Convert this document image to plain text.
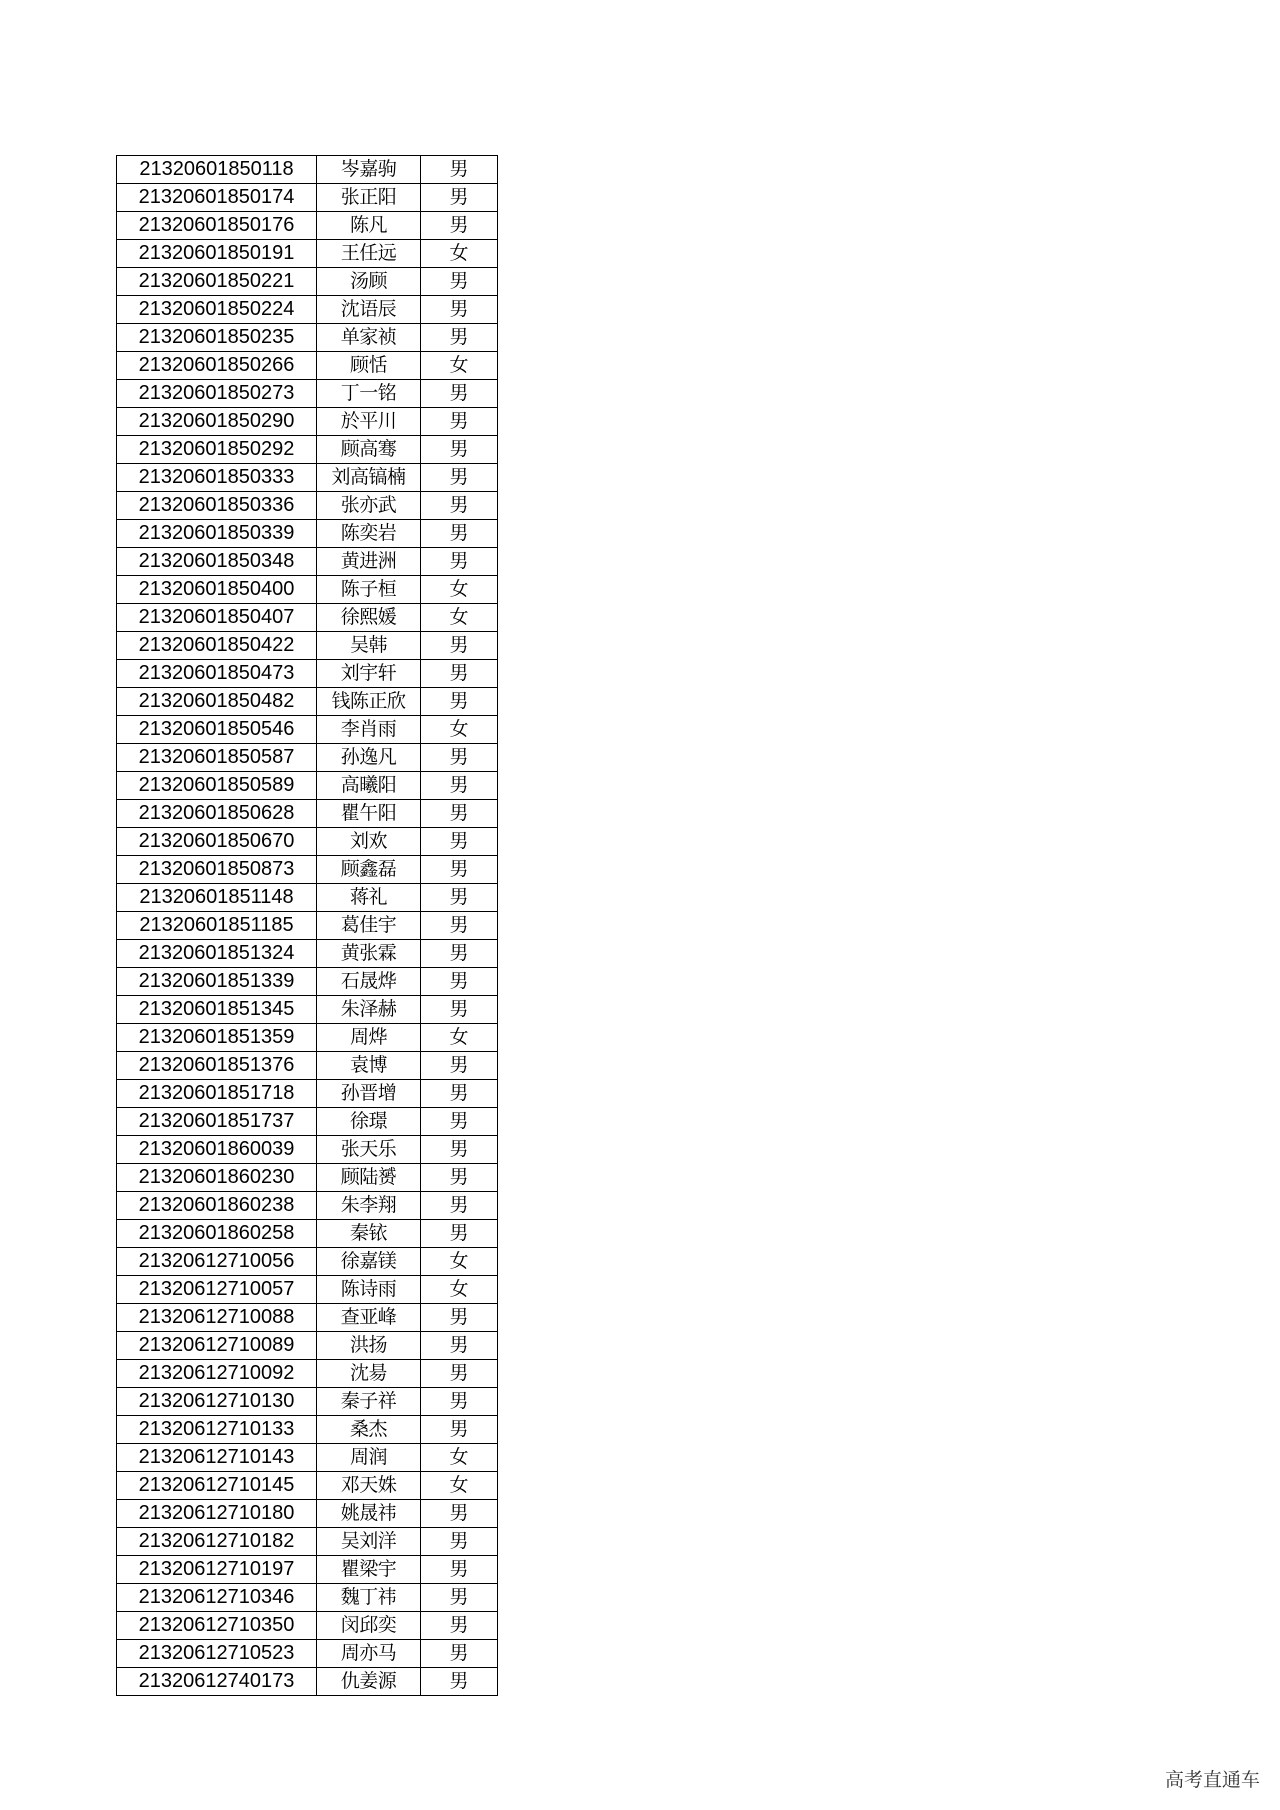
21320601850118	岑嘉驹	男
21320601850174	张正阳	男
21320601850176	陈凡	男
21320601850191	王任远	女
21320601850221	汤顾	男
21320601850224	沈语辰	男
21320601850235	单家祯	男
21320601850266	顾恬	女
21320601850273	丁一铭	男
21320601850290	於平川	男
21320601850292	顾高骞	男
21320601850333	刘高镐楠	男
21320601850336	张亦武	男
21320601850339	陈奕岩	男
21320601850348	黄进洲	男
21320601850400	陈子桓	女
21320601850407	徐熙媛	女
21320601850422	吴韩	男
21320601850473	刘宇轩	男
21320601850482	钱陈正欣	男
21320601850546	李肖雨	女
21320601850587	孙逸凡	男
21320601850589	高曦阳	男
21320601850628	瞿午阳	男
21320601850670	刘欢	男
21320601850873	顾鑫磊	男
21320601851148	蒋礼	男
21320601851185	葛佳宇	男
21320601851324	黄张霖	男
21320601851339	石晟烨	男
21320601851345	朱泽赫	男
21320601851359	周烨	女
21320601851376	袁博	男
21320601851718	孙晋增	男
21320601851737	徐璟	男
21320601860039	张天乐	男
21320601860230	顾陆赟	男
21320601860238	朱李翔	男
21320601860258	秦铱	男
21320612710056	徐嘉镁	女
21320612710057	陈诗雨	女
21320612710088	查亚峰	男
21320612710089	洪扬	男
21320612710092	沈昜	男
21320612710130	秦子祥	男
21320612710133	桑杰	男
21320612710143	周润	女
21320612710145	邓天姝	女
21320612710180	姚晟祎	男
21320612710182	吴刘洋	男
21320612710197	瞿梁宇	男
21320612710346	魏丁祎	男
21320612710350	闵邱奕	男
21320612710523	周亦马	男
21320612740173	仇姜源	男
高考直通车
